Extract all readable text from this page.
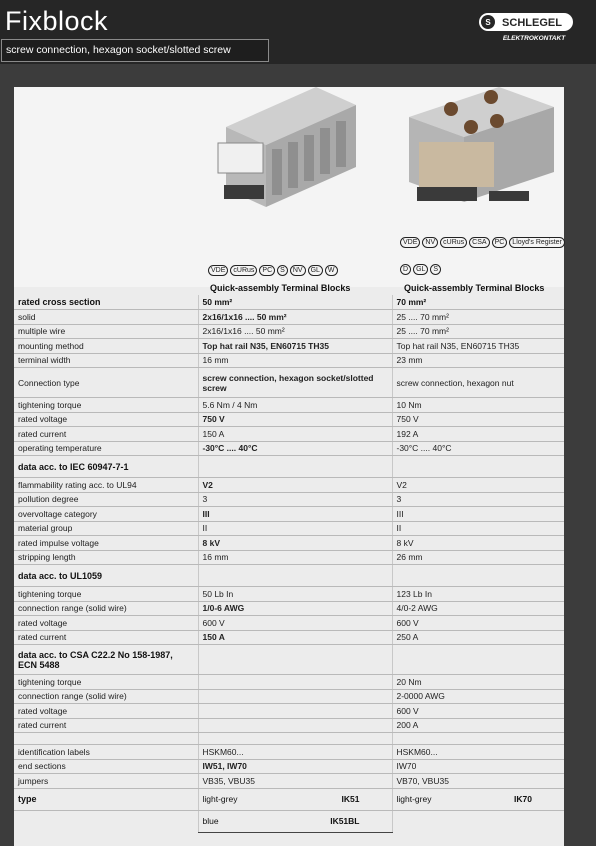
Fixblock
screw connection, hexagon socket/slotted screw
S SCHLEGEL
ELEKTROKONTAKT
VDE NV cURus CSA PC Lloyd's Register
VDE cURus PC S NV GL W	D GL S
Quick-assembly Terminal Blocks	Quick-assembly Terminal Blocks
rated cross section	50 mm²	70 mm²
solid	2x16/1x16 .... 50 mm²	25 .... 70 mm²
multiple wire	2x16/1x16 .... 50 mm²	25 .... 70 mm²
mounting method	Top hat rail N35, EN60715 TH35	Top hat rail N35, EN60715 TH35
terminal width	16 mm	23 mm
Connection type	screw connection, hexagon socket/slotted screw	screw connection, hexagon nut
tightening torque	5.6 Nm / 4 Nm	10 Nm
rated voltage	750 V	750 V
rated current	150 A	192 A
operating temperature	-30°C .... 40°C	-30°C .... 40°C
data acc. to IEC 60947-7-1		
flammability rating acc. to UL94	V2	V2
pollution degree	3	3
overvoltage category	III	III
material group	II	II
rated impulse voltage	8 kV	8 kV
stripping length	16 mm	26 mm
data acc. to UL1059		
tightening torque	50 Lb In	123 Lb In
connection range (solid wire)	1/0-6 AWG	4/0-2 AWG
rated voltage	600 V	600 V
rated current	150 A	250 A
data acc. to CSA C22.2 No 158-1987, ECN 5488		
tightening torque		20 Nm
connection range (solid wire)		2-0000 AWG
rated voltage		600 V
rated current		200 A

identification labels	HSKM60...	HSKM60...
end sections	IW51, IW70	IW70
jumpers	VB35, VBU35	VB70, VBU35
type	light-grey IK51	light-grey IK70

	blue IK51BL	
